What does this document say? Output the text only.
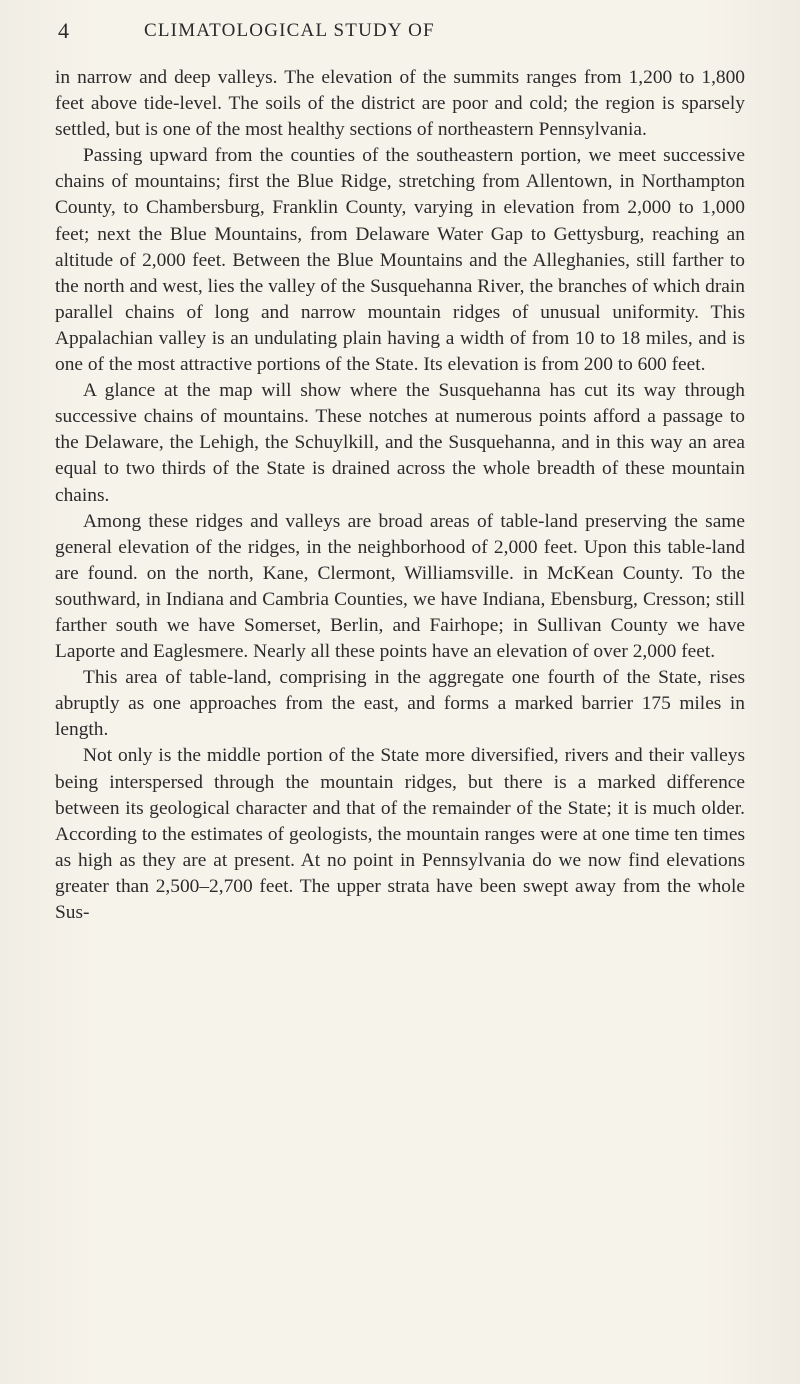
4	CLIMATOLOGICAL STUDY OF

in narrow and deep valleys. The elevation of the summits ranges from 1,200 to 1,800 feet above tide-level. The soils of the district are poor and cold; the region is sparsely settled, but is one of the most healthy sections of northeastern Pennsylvania.

Passing upward from the counties of the southeastern portion, we meet successive chains of mountains; first the Blue Ridge, stretching from Allentown, in Northampton County, to Chambersburg, Franklin County, varying in elevation from 2,000 to 1,000 feet; next the Blue Mountains, from Delaware Water Gap to Gettysburg, reaching an altitude of 2,000 feet. Between the Blue Mountains and the Alleghanies, still farther to the north and west, lies the valley of the Susquehanna River, the branches of which drain parallel chains of long and narrow mountain ridges of unusual uniformity. This Appalachian valley is an undulating plain having a width of from 10 to 18 miles, and is one of the most attractive portions of the State. Its elevation is from 200 to 600 feet.

A glance at the map will show where the Susquehanna has cut its way through successive chains of mountains. These notches at numerous points afford a passage to the Delaware, the Lehigh, the Schuylkill, and the Susquehanna, and in this way an area equal to two thirds of the State is drained across the whole breadth of these mountain chains.

Among these ridges and valleys are broad areas of table-land preserving the same general elevation of the ridges, in the neighborhood of 2,000 feet. Upon this table-land are found. on the north, Kane, Clermont, Williamsville. in McKean County. To the southward, in Indiana and Cambria Counties, we have Indiana, Ebensburg, Cresson; still farther south we have Somerset, Berlin, and Fairhope; in Sullivan County we have Laporte and Eaglesmere. Nearly all these points have an elevation of over 2,000 feet.

This area of table-land, comprising in the aggregate one fourth of the State, rises abruptly as one approaches from the east, and forms a marked barrier 175 miles in length.

Not only is the middle portion of the State more diversified, rivers and their valleys being interspersed through the mountain ridges, but there is a marked difference between its geological character and that of the remainder of the State; it is much older. According to the estimates of geologists, the mountain ranges were at one time ten times as high as they are at present. At no point in Pennsylvania do we now find elevations greater than 2,500–2,700 feet. The upper strata have been swept away from the whole Sus-
